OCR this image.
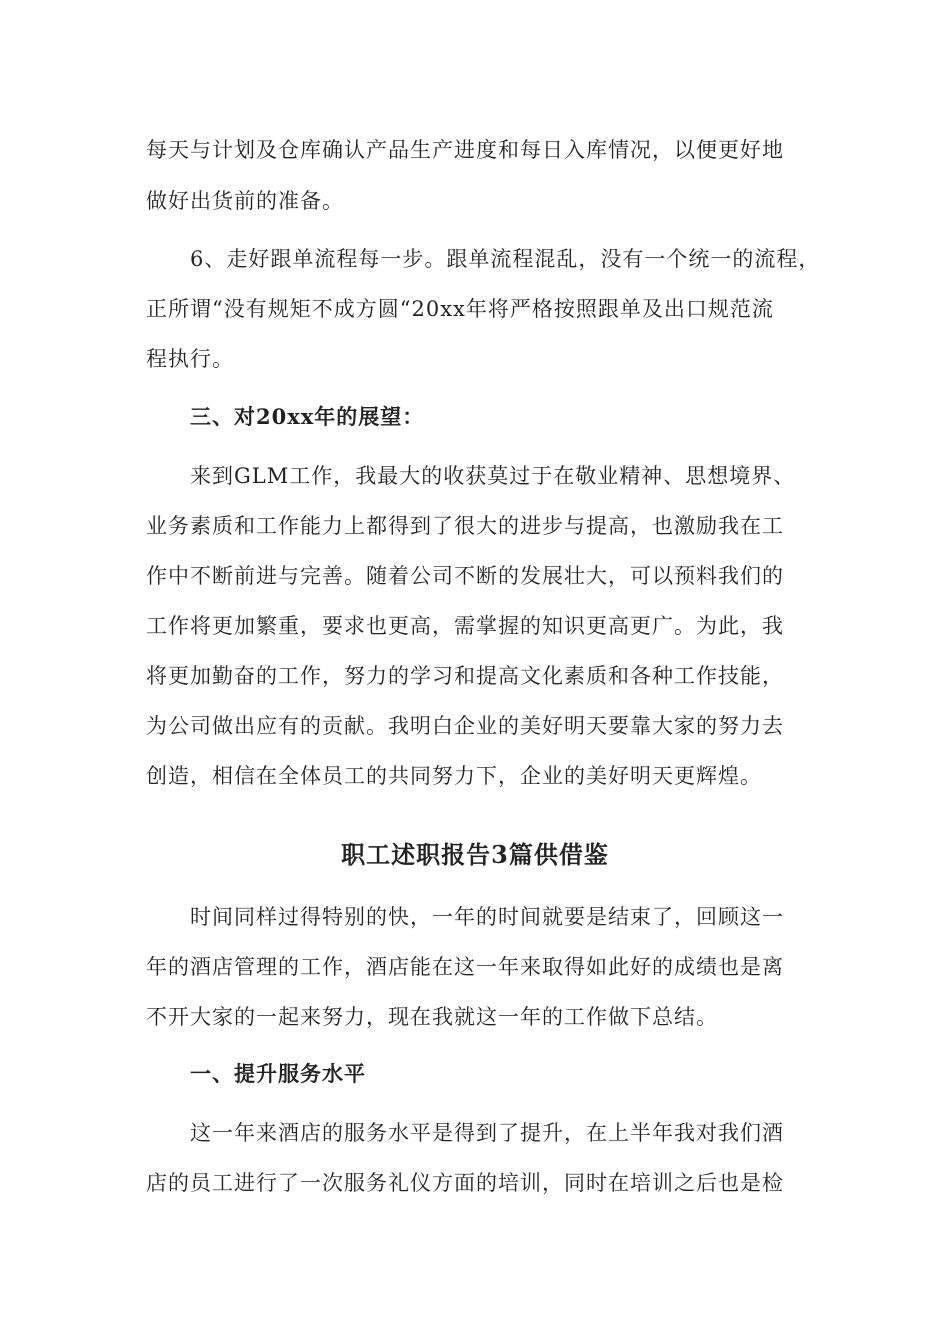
每天与计划及仓库确认产品生产进度和每日入库情况，以便更好地
做好出货前的准备。
6、走好跟单流程每一步。跟单流程混乱，没有一个统一的流程，
正所谓“没有规矩不成方圆“20xx年将严格按照跟单及出口规范流
程执行。
三、对20xx年的展望：
来到GLM工作，我最大的收获莫过于在敬业精神、思想境界、
业务素质和工作能力上都得到了很大的进步与提高，也激励我在工
作中不断前进与完善。随着公司不断的发展壮大，可以预料我们的
工作将更加繁重，要求也更高，需掌握的知识更高更广。为此，我
将更加勤奋的工作，努力的学习和提高文化素质和各种工作技能，
为公司做出应有的贡献。我明白企业的美好明天要靠大家的努力去
创造，相信在全体员工的共同努力下，企业的美好明天更辉煌。
职工述职报告3篇供借鉴
时间同样过得特别的快，一年的时间就要是结束了，回顾这一
年的酒店管理的工作，酒店能在这一年来取得如此好的成绩也是离
不开大家的一起来努力，现在我就这一年的工作做下总结。
一、提升服务水平
这一年来酒店的服务水平是得到了提升，在上半年我对我们酒
店的员工进行了一次服务礼仪方面的培训，同时在培训之后也是检
